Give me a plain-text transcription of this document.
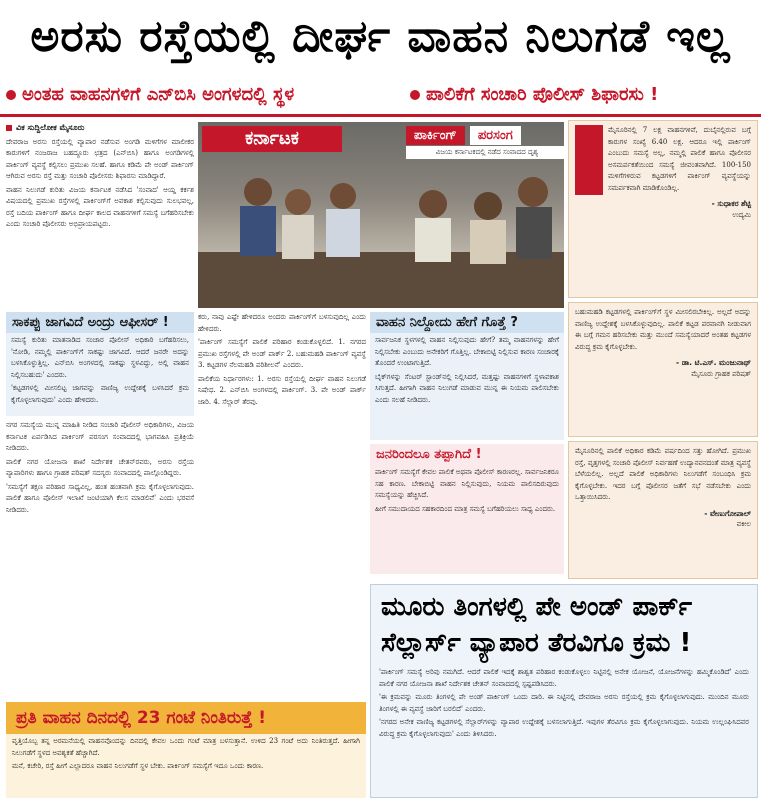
ಅರಸು ರಸ್ತೆಯಲ್ಲಿ ದೀರ್ಘ ವಾಹನ ನಿಲುಗಡೆ ಇಲ್ಲ
ಅಂತಹ ವಾಹನಗಳಿಗೆ ಎನ್‌ಬಿಸಿ ಅಂಗಳದಲ್ಲಿ ಸ್ಥಳ	ಪಾಲಿಕೆಗೆ ಸಂಚಾರಿ ಪೊಲೀಸ್ ಶಿಫಾರಸು !
ವಿಕ ಸುದ್ದಿಲೋಕ ಮೈಸೂರು

ದೇವರಾಜ ಅರಸು ರಸ್ತೆಯಲ್ಲಿ ವ್ಯಾಪಾರ ನಡೆಸುವ ಅಂಗಡಿ ಮಳಿಗೆಗಳ ಮಾಲೀಕರ ಕಾರುಗಳಿಗೆ ನಂಜರಾಜ ಬಹದ್ದೂರು ಛತ್ರದ (ಎನ್‌ಬಿಸಿ) ಹಾಗೂ ಅಂಗಡಿಗಳಲ್ಲಿ ಪಾರ್ಕಿಂಗ್ ವ್ಯವಸ್ಥೆ ಕಲ್ಪಿಸಲು ಪ್ರಮುಖ ಸಲಹೆ. ಹಾಗೂ ಕಡಿಮೆ ಪೇ ಅಂಡ್ ಪಾರ್ಕಿಂಗ್ ಆಗಿರುವ ಅರಸು ರಸ್ತೆ ಮತ್ತು ಸಂಚಾರಿ ಪೊಲೀಸರು ಶಿಫಾರಸು ಮಾಡಿದ್ದಾರೆ.

ವಾಹನ ನಿಲುಗಡೆ ಕುರಿತು ವಿಜಯ ಕರ್ನಾಟಕ ನಡೆಸಿದ 'ಸಂವಾದ' ಆಯ್ದ ಕರ್ಕಶ ವಿಷಯದಲ್ಲಿ ಪ್ರಮುಖ ರಸ್ತೆಗಳಲ್ಲಿ ಪಾರ್ಕಿಂಗ್‌ಗೆ ಅವಕಾಶ ಕಲ್ಪಿಸುವುದು ಸುಲಭವಲ್ಲ, ರಸ್ತೆ ಬದಿಯ ಪಾರ್ಕಿಂಗ್ ಹಾಗೂ ದೀರ್ಘ ಕಾಲದ ವಾಹನಗಳಿಗೆ ಸಮಸ್ಯೆ ಬಗೆಹರಿಸಬೇಕು ಎಂದು ಸಂಚಾರಿ ಪೊಲೀಸರು ಅಭಿಪ್ರಾಯಪಟ್ಟರು.

ಕರ್ನಾಟಕ	ಪಾರ್ಕಿಂಗ್ ಪರಸಂಗ
ವಿಜಯ ಕರ್ನಾಟಕದಲ್ಲಿ ನಡೆದ ಸಂವಾದದ ದೃಶ್ಯ

ಮೈಸೂರಿನಲ್ಲಿ 7 ಲಕ್ಷ ವಾಹನಗಳಿವೆ, ದುಬೈನಲ್ಲಿರುವ ಬಗ್ಗೆ ಕಾರುಗಳ ಸಂಖ್ಯೆ 6.40 ಲಕ್ಷ. ಆದರೂ ಇಲ್ಲಿ ಪಾರ್ಕಿಂಗ್ ಎಂಬುದು ಸಮಸ್ಯೆ ಅಲ್ಲ, ನಮ್ಮಲ್ಲಿ ಪಾಲಿಕೆ ಹಾಗೂ ಪೊಲೀಸರ ಅಸಮರ್ಪಕತೆಯಿಂದ ಸಮಸ್ಯೆ ಜೀವಂತವಾಗಿದೆ. 100-150 ಮಳಿಗೆಗಳಿರುವ ಕಟ್ಟಡಗಳಿಗೆ ಪಾರ್ಕಿಂಗ್ ವ್ಯವಸ್ಥೆಯನ್ನು ಸಮರ್ಪಕವಾಗಿ ಮಾಡಿಕೊಂಡಿಲ್ಲ.

- ಸುಧಾಕರ ಶೆಟ್ಟಿ
ಉದ್ಯಮಿ

ಬಹುಮಹಡಿ ಕಟ್ಟಡಗಳಲ್ಲಿ ಪಾರ್ಕಿಂಗ್‌ಗೆ ಸ್ಥಳ ಮೀಸಲಿರಬೇಕಿಲ್ಲ. ಅಲ್ಲದೆ ಅದನ್ನು ವಾಣಿಜ್ಯ ಉದ್ದೇಶಕ್ಕೆ ಬಳಸಿಕೊಳ್ಳುವುದಿಲ್ಲ. ಪಾಲಿಕೆ ಕಟ್ಟಡ ಪರವಾನಗಿ ನೀಡುವಾಗ ಈ ಬಗ್ಗೆ ಗಮನ ಹರಿಸಬೇಕು ಮತ್ತು ಮುಂದೆ ಸಮಸ್ಯೆಯಾದರೆ ಅಂತಹ ಕಟ್ಟಡಗಳ ವಿರುದ್ಧ ಕ್ರಮ ಕೈಗೊಳ್ಳಬೇಕು.

- ಡಾ. ಟಿ.ಎಸ್. ಮಂಜುನಾಥ್
ಮೈಸೂರು ಗ್ರಾಹಕ ಪರಿಷತ್

ಮೈಸೂರಿನಲ್ಲಿ ಪಾಲಿಕೆ ಅಧಿಕಾರ ಕಡಿಮೆ ವರ್ಷದಿಂದ ಸತ್ತು ಹೋಗಿದೆ. ಪ್ರಮುಖ ರಸ್ತೆ, ವೃತ್ತಗಳಲ್ಲಿ ಸಂಚಾರಿ ಪೊಲೀಸ್ ನಿರ್ವಹಣೆ ಉದ್ಯಾನವನದಂತೆ ಮಾತ್ರ ವ್ಯವಸ್ಥೆ ಬೆಳೆಯಲಿಲ್ಲ. ಅಲ್ಲದೆ ಪಾಲಿಕೆ ಅಧಿಕಾರಿಗಳು ನಿಲುಗಡೆಗೆ ಸಂಬಂಧಿಸಿ ಕ್ರಮ ಕೈಗೊಳ್ಳಬೇಕು. ಇದರ ಬಗ್ಗೆ ಪೊಲೀಸರ ಜತೆಗೆ ಸಭೆ ನಡೆಸಬೇಕು ಎಂದು ಒತ್ತಾಯಿಸಿದರು.

- ವೇಣುಗೋಪಾಲ್
ವಕೀಲ
ಸಾಕಪ್ಪು ಜಾಗವಿದೆ ಅಂದ್ರು ಆಫೀಸರ್ !

ಸಮಸ್ಯೆ ಕುರಿತು ಮಾತನಾಡಿದ ಸಂಚಾರ ಪೊಲೀಸ್ ಅಧಿಕಾರಿ ಬಗೆಹರಿಸಲು, 'ನೋಡಿ, ನಮ್ಮಲ್ಲಿ ಪಾರ್ಕಿಂಗ್‌ಗೆ ಸಾಕಷ್ಟು ಜಾಗವಿದೆ. ಆದರೆ ಜನರೇ ಅದನ್ನು ಬಳಸಿಕೊಳ್ಳುತ್ತಿಲ್ಲ. ಎನ್‌ಬಿಸಿ ಅಂಗಳದಲ್ಲಿ ಸಾಕಷ್ಟು ಸ್ಥಳವಿದ್ದು, ಅಲ್ಲಿ ವಾಹನ ನಿಲ್ಲಿಸಬಹುದು' ಎಂದರು.

'ಕಟ್ಟಡಗಳಲ್ಲಿ ಮೀಸಲಿಟ್ಟ ಜಾಗವನ್ನು ವಾಣಿಜ್ಯ ಉದ್ದೇಶಕ್ಕೆ ಬಳಸಿದರೆ ಕ್ರಮ ಕೈಗೊಳ್ಳಲಾಗುವುದು' ಎಂದು ಹೇಳಿದರು.

ಕರು, ನಾವು ಎಷ್ಟೇ ಹೇಳಿದರೂ ಅಂದರು ಪಾರ್ಕಿಂಗ್‌ಗೆ ಬಳಸುವುದಿಲ್ಲ ಎಂದು ಹೇಳಿದರು.

'ಪಾರ್ಕಿಂಗ್ ಸಮಸ್ಯೆಗೆ ಪಾಲಿಕೆ ಪರಿಹಾರ ಕಂಡುಕೊಳ್ಳಲಿದೆ. 1. ನಗರದ ಪ್ರಮುಖ ರಸ್ತೆಗಳಲ್ಲಿ ಪೇ ಅಂಡ್ ಪಾರ್ಕ್ 2. ಬಹುಮಹಡಿ ಪಾರ್ಕಿಂಗ್ ವ್ಯವಸ್ಥೆ 3. ಕಟ್ಟಡಗಳ ನೆಲಮಹಡಿ ಪರಿಶೀಲನೆ' ಎಂದರು.

ಪಾಲಿಕೆಯ ನಿರ್ಧಾರಗಳು: 1. ಅರಸು ರಸ್ತೆಯಲ್ಲಿ ದೀರ್ಘ ವಾಹನ ನಿಲುಗಡೆ ನಿಷೇಧ. 2. ಎನ್‌ಬಿಸಿ ಅಂಗಳದಲ್ಲಿ ಪಾರ್ಕಿಂಗ್. 3. ಪೇ ಅಂಡ್ ಪಾರ್ಕ್ ಜಾರಿ. 4. ಸೆಲ್ಲಾರ್ ತೆರವು.

ವಾಹನ ನಿಲ್ದೋದು ಹೇಗೆ ಗೊತ್ತೆ ?

ಸಾರ್ವಜನಿಕ ಸ್ಥಳಗಳಲ್ಲಿ ವಾಹನ ನಿಲ್ಲಿಸುವುದು ಹೇಗೆ? ತಮ್ಮ ವಾಹನಗಳನ್ನು ಹೇಗೆ ನಿಲ್ಲಿಸಬೇಕು ಎಂಬುದು ಅನೇಕರಿಗೆ ಗೊತ್ತಿಲ್ಲ. ಬೇಕಾಬಿಟ್ಟಿ ನಿಲ್ಲಿಸುವ ಕಾರಣ ಸಂಚಾರಕ್ಕೆ ತೊಂದರೆ ಉಂಟಾಗುತ್ತಿದೆ.

ಬೈಕ್‌ಗಳನ್ನು ಸೆಂಟರ್ ಸ್ಟಾಂಡ್‌ನಲ್ಲಿ ನಿಲ್ಲಿಸಿದರೆ, ಮತ್ತಷ್ಟು ವಾಹನಗಳಿಗೆ ಸ್ಥಳಾವಕಾಶ ಸಿಗುತ್ತದೆ. ಹೀಗಾಗಿ ವಾಹನ ನಿಲುಗಡೆ ಮಾಡುವ ಮುನ್ನ ಈ ನಿಯಮ ಪಾಲಿಸಬೇಕು ಎಂದು ಸಲಹೆ ನೀಡಿದರು.

ಜನರಿಂದಲೂ ತಪ್ಪಾಗಿದೆ !

ಪಾರ್ಕಿಂಗ್ ಸಮಸ್ಯೆಗೆ ಕೇವಲ ಪಾಲಿಕೆ ಅಥವಾ ಪೊಲೀಸ್ ಕಾರಣರಲ್ಲ. ಸಾರ್ವಜನಿಕರೂ ಸಹ ಕಾರಣ. ಬೇಕಾಬಿಟ್ಟಿ ವಾಹನ ನಿಲ್ಲಿಸುವುದು, ನಿಯಮ ಪಾಲಿಸದಿರುವುದು ಸಮಸ್ಯೆಯನ್ನು ಹೆಚ್ಚಿಸಿದೆ.

ಹೀಗೆ ಸಮುದಾಯದ ಸಹಕಾರದಿಂದ ಮಾತ್ರ ಸಮಸ್ಯೆ ಬಗೆಹರಿಯಲು ಸಾಧ್ಯ ಎಂದರು.

ನಗರ ಸಮಸ್ಯೆಯ ಮುನ್ನ ಮಾಹಿತಿ ನೀಡಿದ ಸಂಚಾರಿ ಪೊಲೀಸ್ ಅಧಿಕಾರಿಗಳು, ವಿಜಯ ಕರ್ನಾಟಕ ಏರ್ಪಡಿಸಿದ ಪಾರ್ಕಿಂಗ್ ಪರಸಂಗ ಸಂವಾದದಲ್ಲಿ ಭಾಗವಹಿಸಿ ಪ್ರತಿಕ್ರಿಯೆ ನೀಡಿದರು.

ಪಾಲಿಕೆ ನಗರ ಯೋಜನಾ ಶಾಖೆ ನಿರ್ದೇಶಕ ಚೇತನ್‌ರವರು, ಅರಸು ರಸ್ತೆಯ ವ್ಯಾಪಾರಿಗಳು ಹಾಗೂ ಗ್ರಾಹಕ ಪರಿಷತ್ ಸದಸ್ಯರು ಸಂವಾದದಲ್ಲಿ ಪಾಲ್ಗೊಂಡಿದ್ದರು.

'ಸಮಸ್ಯೆಗೆ ತಕ್ಷಣ ಪರಿಹಾರ ಸಾಧ್ಯವಿಲ್ಲ, ಹಂತ ಹಂತವಾಗಿ ಕ್ರಮ ಕೈಗೊಳ್ಳಲಾಗುವುದು. ಪಾಲಿಕೆ ಹಾಗೂ ಪೊಲೀಸ್ ಇಲಾಖೆ ಜಂಟಿಯಾಗಿ ಕೆಲಸ ಮಾಡಲಿವೆ' ಎಂದು ಭರವಸೆ ನೀಡಿದರು.

ಮೂರು ತಿಂಗಳಲ್ಲಿ ಪೇ ಅಂಡ್ ಪಾರ್ಕ್ ಸೆಲ್ಲಾರ್ಸ್ ವ್ಯಾಪಾರ ತೆರವಿಗೂ ಕ್ರಮ !

'ಪಾರ್ಕಿಂಗ್ ಸಮಸ್ಯೆ ಅರಿವು ನಮಗಿದೆ. ಆದರೆ ಪಾಲಿಕೆ ಇದಕ್ಕೆ ಶಾಶ್ವತ ಪರಿಹಾರ ಕಂಡುಕೊಳ್ಳಲು ನಿಟ್ಟಿನಲ್ಲಿ ಅನೇಕ ಯೋಜನೆ, ಯೋಜನೆಗಳನ್ನು ಹಮ್ಮಿಕೊಂಡಿದೆ' ಎಂದು ಪಾಲಿಕೆ ನಗರ ಯೋಜನಾ ಶಾಖೆ ನಿರ್ದೇಶಕ ಚೇತನ್ ಸಂವಾದದಲ್ಲಿ ಸ್ಪಷ್ಟಪಡಿಸಿದರು.

'ಈ ಕ್ರಮವನ್ನು ಮೂರು ತಿಂಗಳಲ್ಲಿ ಪೇ ಅಂಡ್ ಪಾರ್ಕಿಂಗ್ ಒಂದು ದಾರಿ. ಈ ನಿಟ್ಟಿನಲ್ಲಿ ದೇವರಾಜ ಅರಸು ರಸ್ತೆಯಲ್ಲಿ ಕ್ರಮ ಕೈಗೊಳ್ಳಲಾಗುವುದು. ಮುಂದಿನ ಮೂರು ತಿಂಗಳಲ್ಲಿ ಈ ವ್ಯವಸ್ಥೆ ಜಾರಿಗೆ ಬರಲಿದೆ' ಎಂದರು.

'ನಗರದ ಅನೇಕ ವಾಣಿಜ್ಯ ಕಟ್ಟಡಗಳಲ್ಲಿ ಸೆಲ್ಲಾರ್‌ಗಳನ್ನು ವ್ಯಾಪಾರ ಉದ್ದೇಶಕ್ಕೆ ಬಳಸಲಾಗುತ್ತಿದೆ. ಇವುಗಳ ತೆರವಿಗೂ ಕ್ರಮ ಕೈಗೊಳ್ಳಲಾಗುವುದು. ನಿಯಮ ಉಲ್ಲಂಘಿಸಿದವರ ವಿರುದ್ಧ ಕ್ರಮ ಕೈಗೊಳ್ಳಲಾಗುವುದು' ಎಂದು ತಿಳಿಸಿದರು.

ಪ್ರತಿ ವಾಹನ ದಿನದಲ್ಲಿ 23 ಗಂಟೆ ನಿಂತಿರುತ್ತೆ !

ವೃತ್ತಿಯೊಬ್ಬ ತನ್ನ ಅರಮನೆಯಲ್ಲಿ ವಾಹನವೊಂದನ್ನು ದಿನದಲ್ಲಿ ಕೇವಲ ಒಂದು ಗಂಟೆ ಮಾತ್ರ ಬಳಸುತ್ತಾನೆ. ಉಳಿದ 23 ಗಂಟೆ ಅದು ನಿಂತಿರುತ್ತದೆ. ಹೀಗಾಗಿ ನಿಲುಗಡೆಗೆ ಸ್ಥಳದ ಅವಶ್ಯಕತೆ ಹೆಚ್ಚಾಗಿದೆ.

ಮನೆ, ಕಚೇರಿ, ರಸ್ತೆ ಹೀಗೆ ಎಲ್ಲಾದರೂ ವಾಹನ ನಿಲುಗಡೆಗೆ ಸ್ಥಳ ಬೇಕು. ಪಾರ್ಕಿಂಗ್ ಸಮಸ್ಯೆಗೆ ಇದೂ ಒಂದು ಕಾರಣ.
